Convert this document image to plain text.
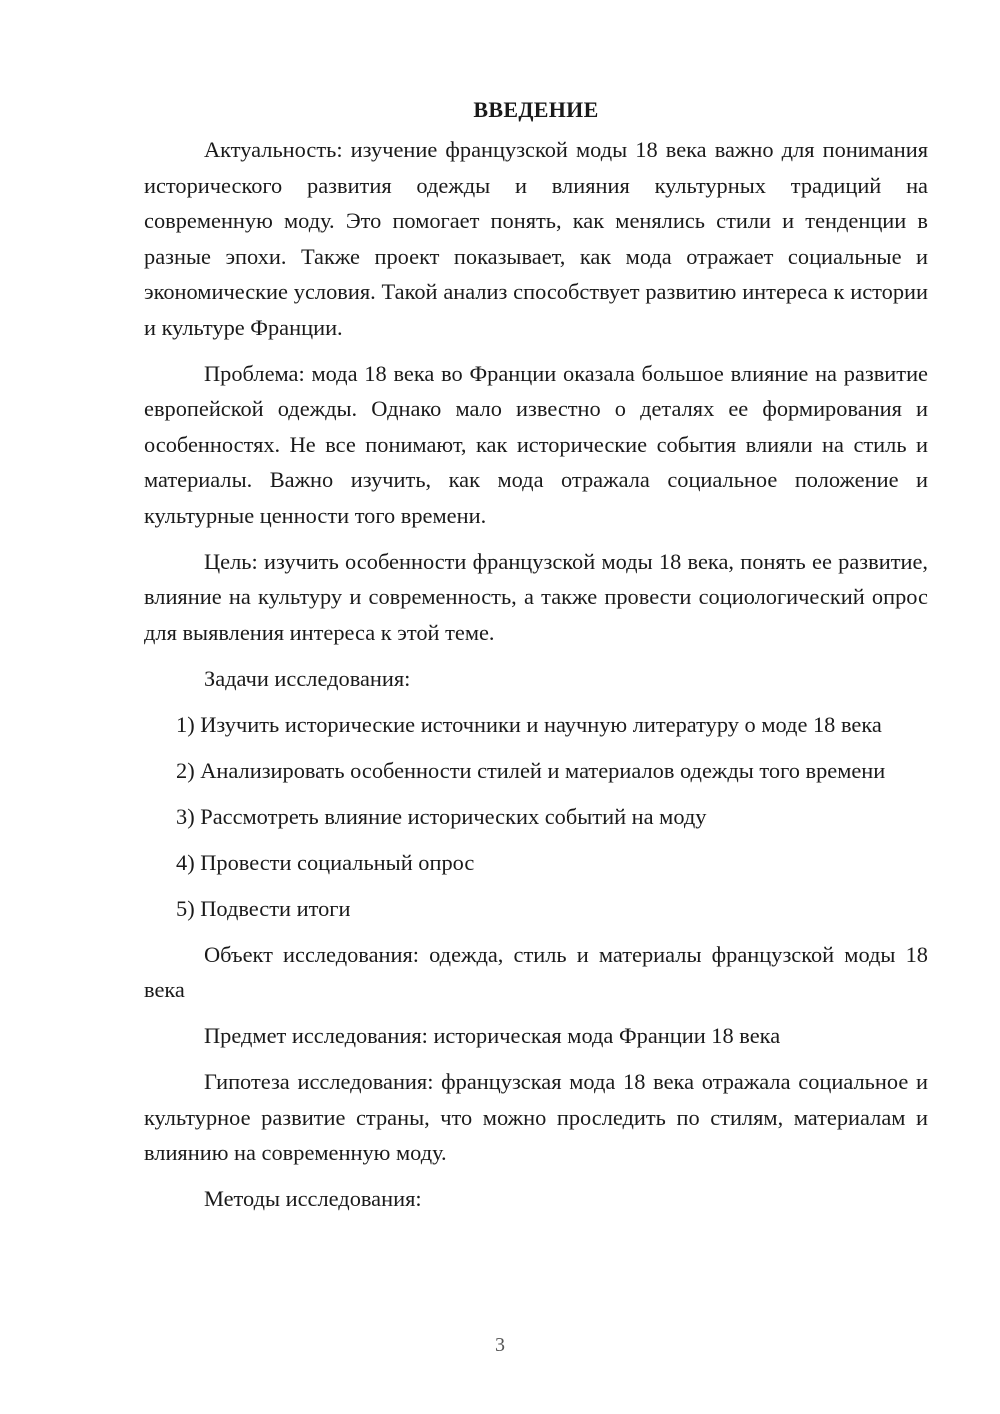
ВВЕДЕНИЕ

Актуальность: изучение французской моды 18 века важно для понимания исторического развития одежды и влияния культурных традиций на современную моду. Это помогает понять, как менялись стили и тенденции в разные эпохи. Также проект показывает, как мода отражает социальные и экономические условия. Такой анализ способствует развитию интереса к истории и культуре Франции.

Проблема: мода 18 века во Франции оказала большое влияние на развитие европейской одежды. Однако мало известно о деталях ее формирования и особенностях. Не все понимают, как исторические события влияли на стиль и материалы. Важно изучить, как мода отражала социальное положение и культурные ценности того времени.

Цель: изучить особенности французской моды 18 века, понять ее развитие, влияние на культуру и современность, а также провести социологический опрос для выявления интереса к этой теме.

Задачи исследования:

1) Изучить исторические источники и научную литературу о моде 18 века

2) Анализировать особенности стилей и материалов одежды того времени

3) Рассмотреть влияние исторических событий на моду

4) Провести социальный опрос

5) Подвести итоги

Объект исследования: одежда, стиль и материалы французской моды 18 века

Предмет исследования: историческая мода Франции 18 века

Гипотеза исследования: французская мода 18 века отражала социальное и культурное развитие страны, что можно проследить по стилям, материалам и влиянию на современную моду.

Методы исследования:

3
